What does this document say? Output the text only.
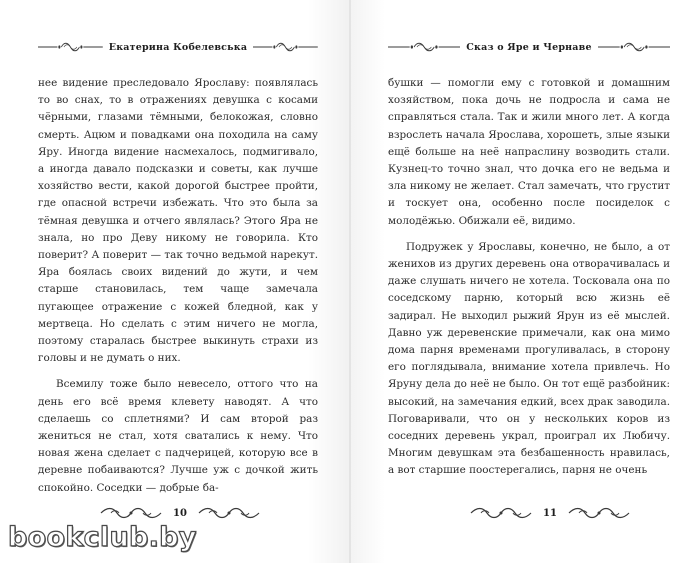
Екатерина Кобелевська

нее видение преследовало Ярославу: появлялась то во снах, то в отражениях девушка с косами чёрными, глазами тёмными, белокожая, словно смерть. Ацюм и повадками она походила на саму Яру. Иногда видение насмехалось, подмигивало, а иногда давало подсказки и советы, как лучше хозяйство вести, какой дорогой быстрее пройти, где опасной встречи избежать. Что это была за тёмная девушка и отчего являлась? Этого Яра не знала, но про Деву никому не говорила. Кто поверит? А поверит — так точно ведьмой нарекут. Яра боялась своих видений до жути, и чем старше становилась, тем чаще замечала пугающее отражение с кожей бледной, как у мертвеца. Но сделать с этим ничего не могла, поэтому старалась быстрее выкинуть страхи из головы и не думать о них.

Всемилу тоже было невесело, оттого что на день его всё время клевету наводят. А что сделаешь со сплетнями? И сам второй раз жениться не стал, хотя сватались к нему. Что новая жена сделает с падчерицей, которую все в деревне побаиваются? Лучше уж с дочкой жить спокойно. Соседки — добрые ба-

10
Сказ о Яре и Чернаве

бушки — помогли ему с готовкой и домашним хозяйством, пока дочь не подросла и сама не справляться стала. Так и жили много лет. А когда взрослеть начала Ярослава, хорошеть, злые языки ещё больше на неё напраслину возводить стали. Кузнец-то точно знал, что дочка его не ведьма и зла никому не желает. Стал замечать, что грустит и тоскует она, особенно после посиделок с молодёжью. Обижали её, видимо.

Подружек у Ярославы, конечно, не было, а от женихов из других деревень она отворачивалась и даже слушать ничего не хотела. Тосковала она по соседскому парню, который всю жизнь её задирал. Не выходил рыжий Ярун из её мыслей. Давно уж деревенские примечали, как она мимо дома парня временами прогуливалась, в сторону его поглядывала, внимание хотела привлечь. Но Яруну дела до неё не было. Он тот ещё разбойник: высокий, на замечания едкий, всех драк заводила. Поговаривали, что он у нескольких коров из соседних деревень украл, проиграл их Любичу. Многим девушкам эта безбашенность нравилась, а вот старшие поостерегались, парня не очень

11
bookclub.by
